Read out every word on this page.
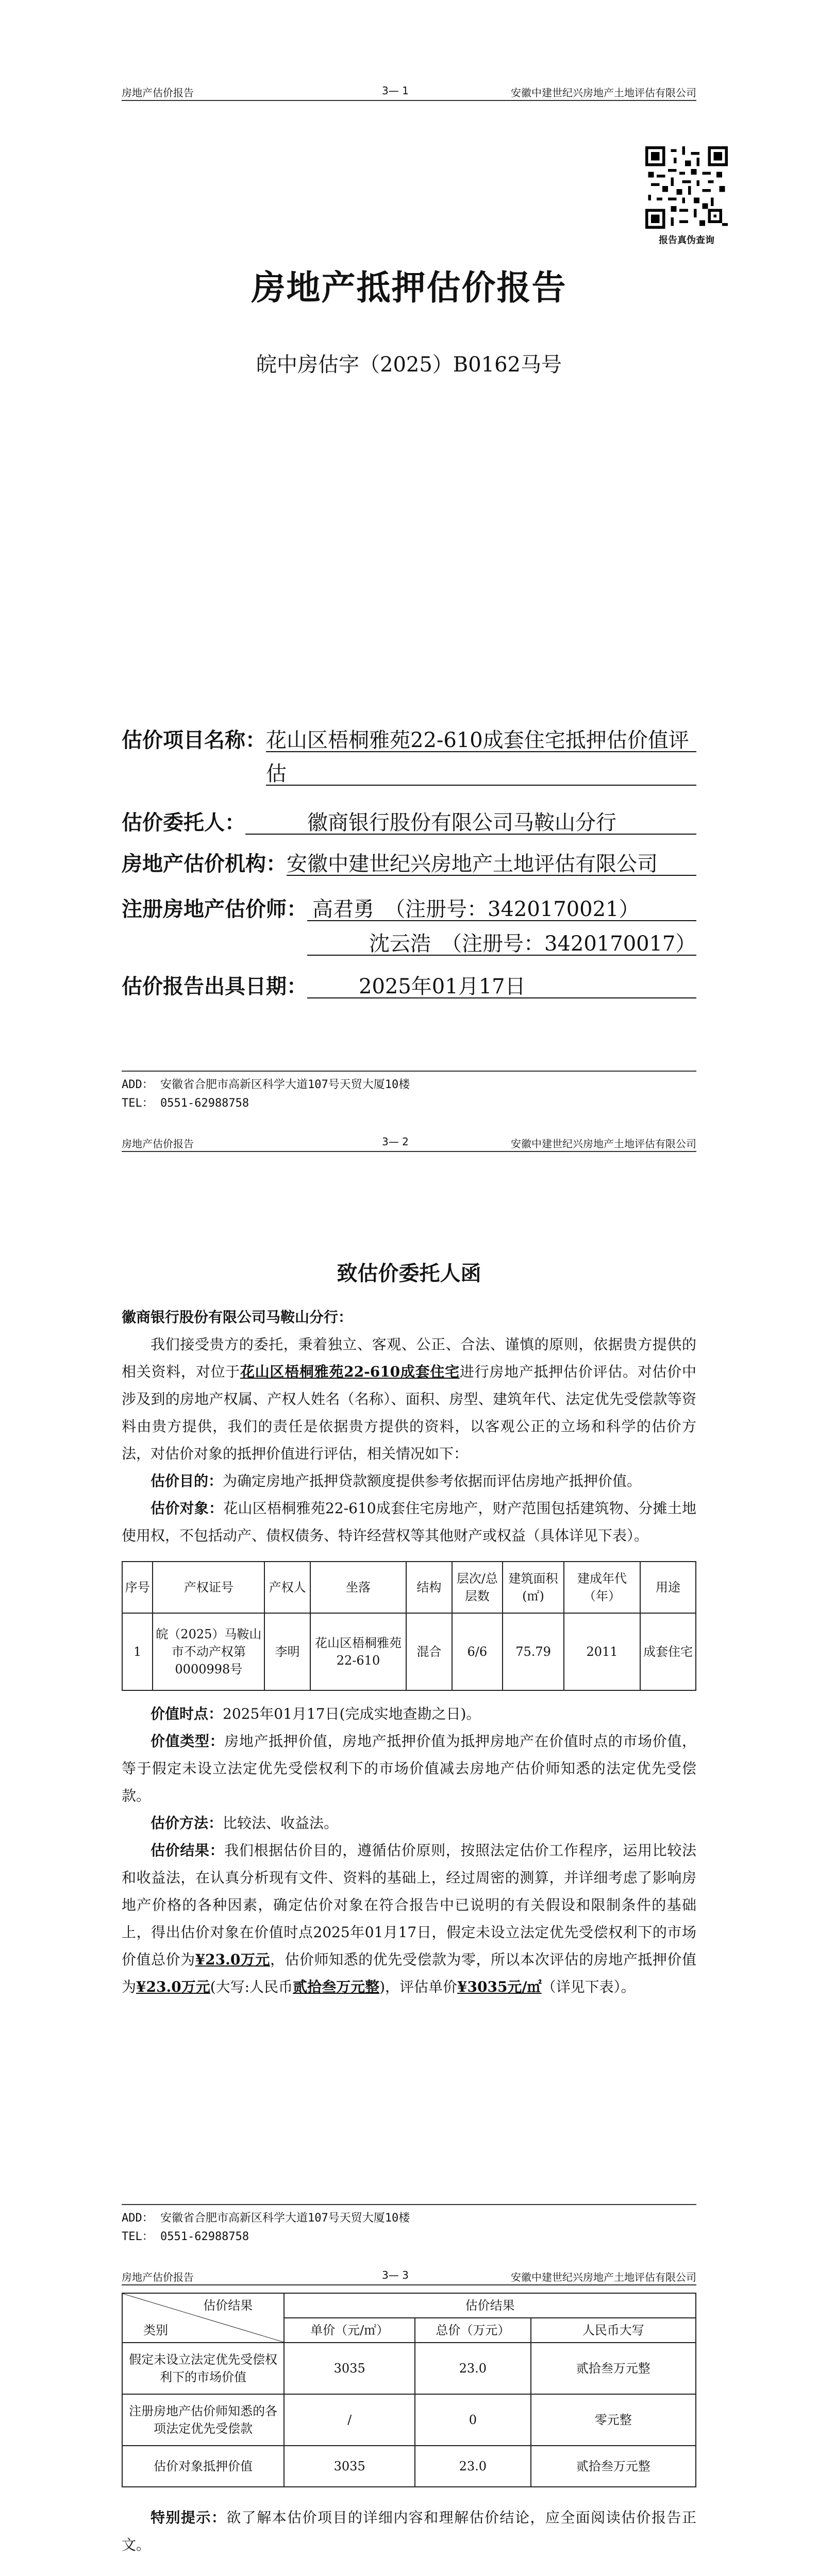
房地产估价报告	3— 1	安徽中建世纪兴房地产土地评估有限公司
报告真伪查询
房地产抵押估价报告
皖中房估字（2025）B0162马号
估价项目名称： 花山区梧桐雅苑22-610成套住宅抵押估价值评
估
估价委托人：	徽商银行股份有限公司马鞍山分行
房地产估价机构： 安徽中建世纪兴房地产土地评估有限公司
注册房地产估价师： 高君勇　（注册号：3420170021）
沈云浩　（注册号：3420170017）
估价报告出具日期：	2025年01月17日
ADD： 安徽省合肥市高新区科学大道107号天贸大厦10楼
TEL： 0551-62988758
房地产估价报告	3— 2	安徽中建世纪兴房地产土地评估有限公司
致估价委托人函

徽商银行股份有限公司马鞍山分行：

我们接受贵方的委托，秉着独立、客观、公正、合法、谨慎的原则，依据贵方提供的相关资料，对位于花山区梧桐雅苑22-610成套住宅进行房地产抵押估价评估。对估价中涉及到的房地产权属、产权人姓名（名称）、面积、房型、建筑年代、法定优先受偿款等资料由贵方提供，我们的责任是依据贵方提供的资料，以客观公正的立场和科学的估价方法，对估价对象的抵押价值进行评估，相关情况如下：

估价目的：为确定房地产抵押贷款额度提供参考依据而评估房地产抵押价值。

估价对象：花山区梧桐雅苑22-610成套住宅房地产，财产范围包括建筑物、分摊土地使用权，不包括动产、债权债务、特许经营权等其他财产或权益（具体详见下表）。

序号	产权证号	产权人	坐落	结构	层次/总层数	建筑面积(㎡)	建成年代（年）	用途
1	皖（2025）马鞍山市不动产权第0000998号	李明	花山区梧桐雅苑22-610	混合	6/6	75.79	2011	成套住宅

价值时点：2025年01月17日(完成实地查勘之日)。

价值类型：房地产抵押价值，房地产抵押价值为抵押房地产在价值时点的市场价值，等于假定未设立法定优先受偿权利下的市场价值减去房地产估价师知悉的法定优先受偿款。

估价方法：比较法、收益法。

估价结果：我们根据估价目的，遵循估价原则，按照法定估价工作程序，运用比较法和收益法，在认真分析现有文件、资料的基础上，经过周密的测算，并详细考虑了影响房地产价格的各种因素，确定估价对象在符合报告中已说明的有关假设和限制条件的基础上，得出估价对象在价值时点2025年01月17日，假定未设立法定优先受偿权利下的市场价值总价为¥23.0万元，估价师知悉的优先受偿款为零，所以本次评估的房地产抵押价值为¥23.0万元(大写:人民币贰拾叁万元整)，评估单价¥3035元/㎡（详见下表）。

ADD： 安徽省合肥市高新区科学大道107号天贸大厦10楼
TEL： 0551-62988758
房地产估价报告	3— 3	安徽中建世纪兴房地产土地评估有限公司
估价结果
类别	估价结果		
	单价（元/㎡）	总价（万元）	人民币大写
假定未设立法定优先受偿权利下的市场价值	3035	23.0	贰拾叁万元整
注册房地产估价师知悉的各项法定优先受偿款	/	0	零元整
估价对象抵押价值	3035	23.0	贰拾叁万元整

特别提示：欲了解本估价项目的详细内容和理解估价结论，应全面阅读估价报告正文。
